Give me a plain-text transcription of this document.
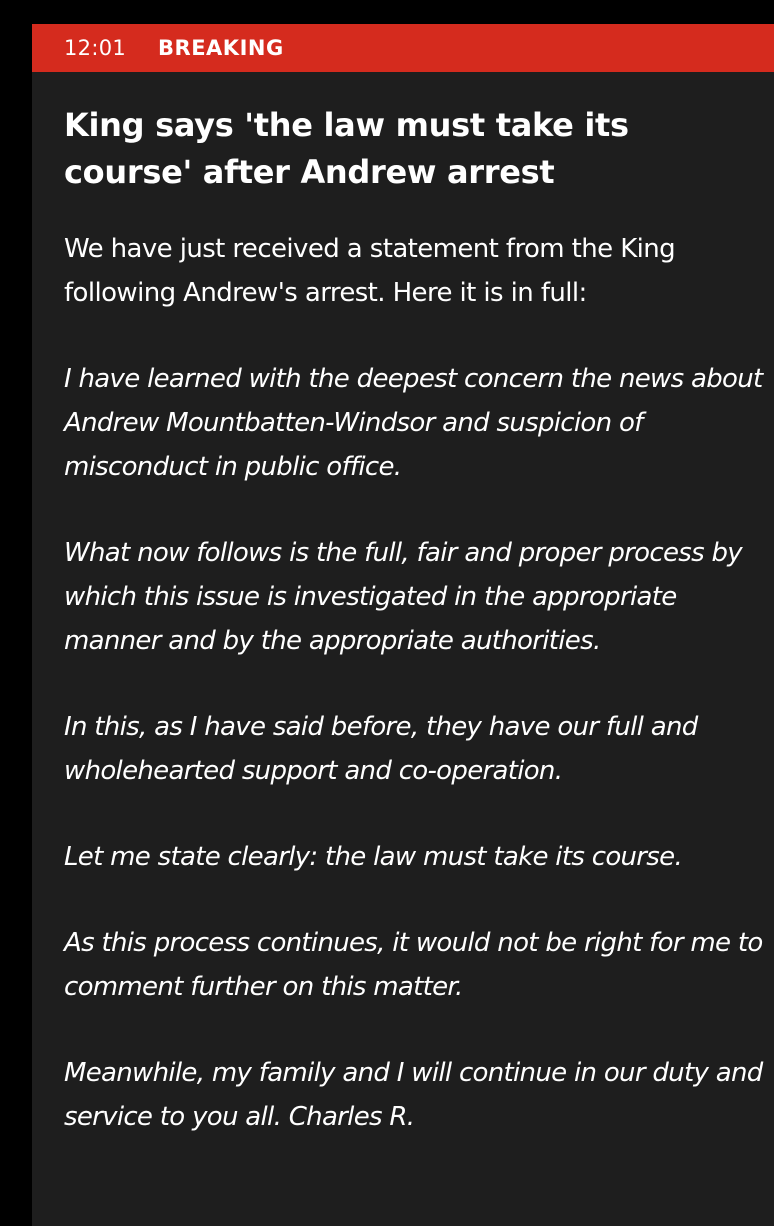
12:01 BREAKING
King says 'the law must take its course' after Andrew arrest

We have just received a statement from the King following Andrew's arrest. Here it is in full:

I have learned with the deepest concern the news about Andrew Mountbatten-Windsor and suspicion of misconduct in public office.

What now follows is the full, fair and proper process by which this issue is investigated in the appropriate manner and by the appropriate authorities.

In this, as I have said before, they have our full and wholehearted support and co-operation.

Let me state clearly: the law must take its course.

As this process continues, it would not be right for me to comment further on this matter.

Meanwhile, my family and I will continue in our duty and service to you all. Charles R.
